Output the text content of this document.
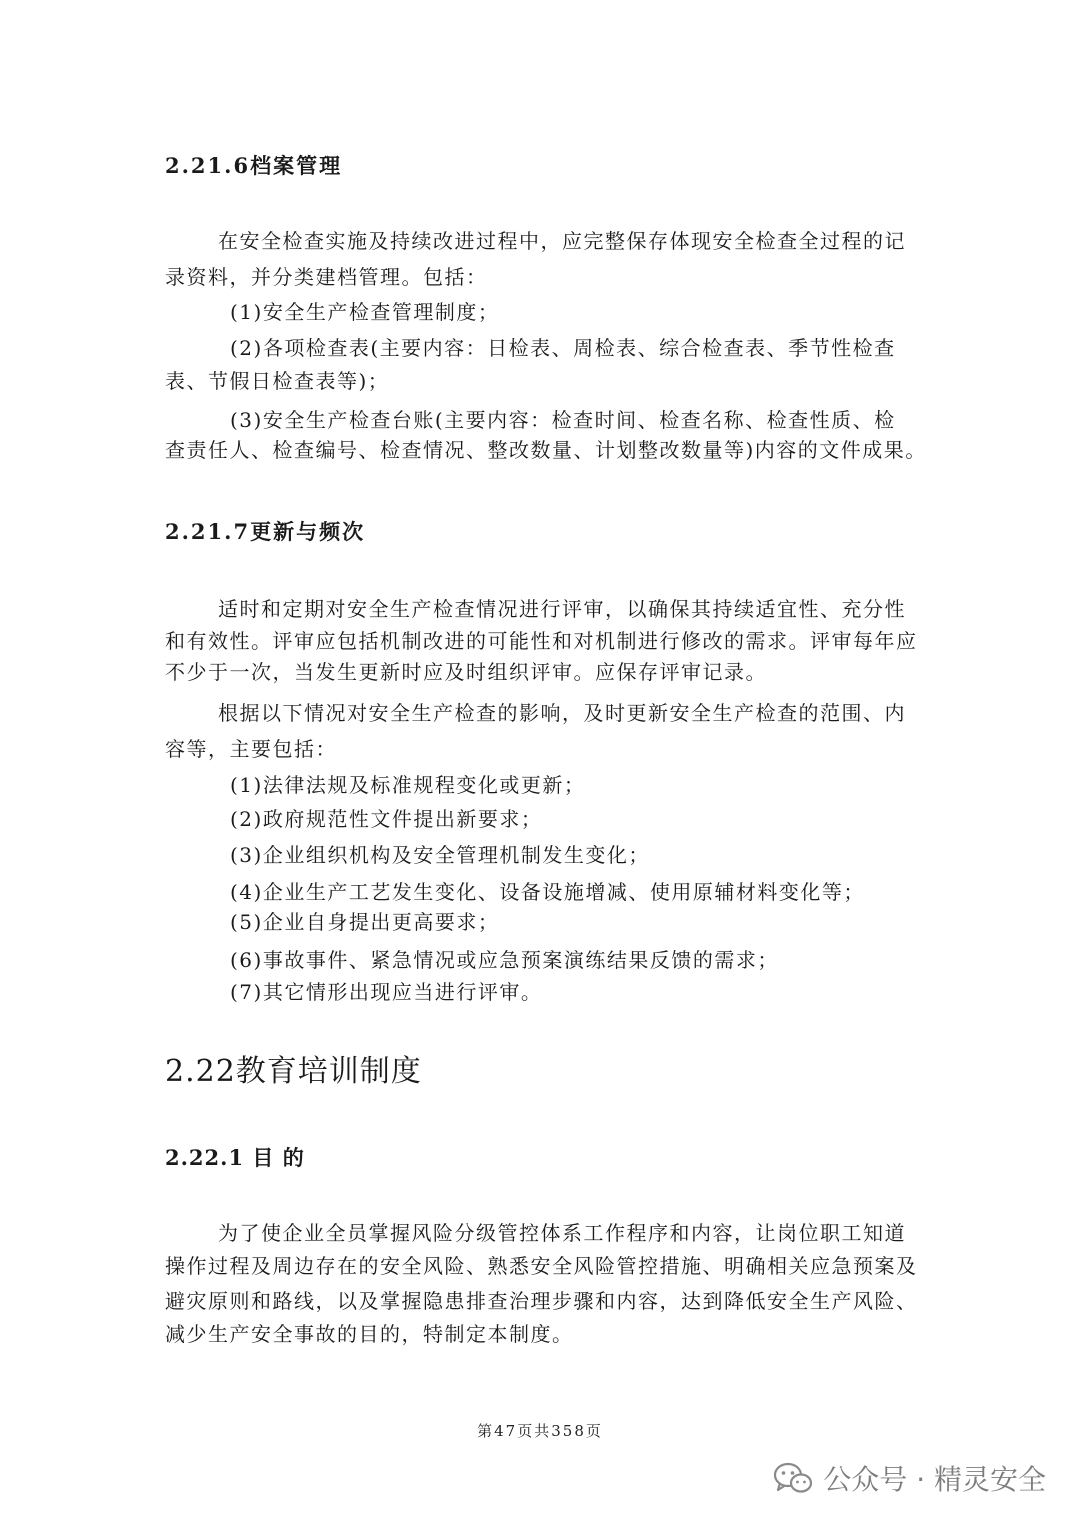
2.21.6档案管理
在安全检查实施及持续改进过程中，应完整保存体现安全检查全过程的记
录资料，并分类建档管理。包括：
(1)安全生产检查管理制度；
(2)各项检查表(主要内容：日检表、周检表、综合检查表、季节性检查
表、节假日检查表等)；
(3)安全生产检查台账(主要内容：检查时间、检查名称、检查性质、检
查责任人、检查编号、检查情况、整改数量、计划整改数量等)内容的文件成果。
2.21.7更新与频次
适时和定期对安全生产检查情况进行评审，以确保其持续适宜性、充分性
和有效性。评审应包括机制改进的可能性和对机制进行修改的需求。评审每年应
不少于一次，当发生更新时应及时组织评审。应保存评审记录。
根据以下情况对安全生产检查的影响，及时更新安全生产检查的范围、内
容等，主要包括：
(1)法律法规及标准规程变化或更新；
(2)政府规范性文件提出新要求；
(3)企业组织机构及安全管理机制发生变化；
(4)企业生产工艺发生变化、设备设施增减、使用原辅材料变化等；
(5)企业自身提出更高要求；
(6)事故事件、紧急情况或应急预案演练结果反馈的需求；
(7)其它情形出现应当进行评审。
2.22教育培训制度
2.22.1 目 的
为了使企业全员掌握风险分级管控体系工作程序和内容，让岗位职工知道
操作过程及周边存在的安全风险、熟悉安全风险管控措施、明确相关应急预案及
避灾原则和路线，以及掌握隐患排查治理步骤和内容，达到降低安全生产风险、
减少生产安全事故的目的，特制定本制度。
第47页共358页
公众号 · 精灵安全
